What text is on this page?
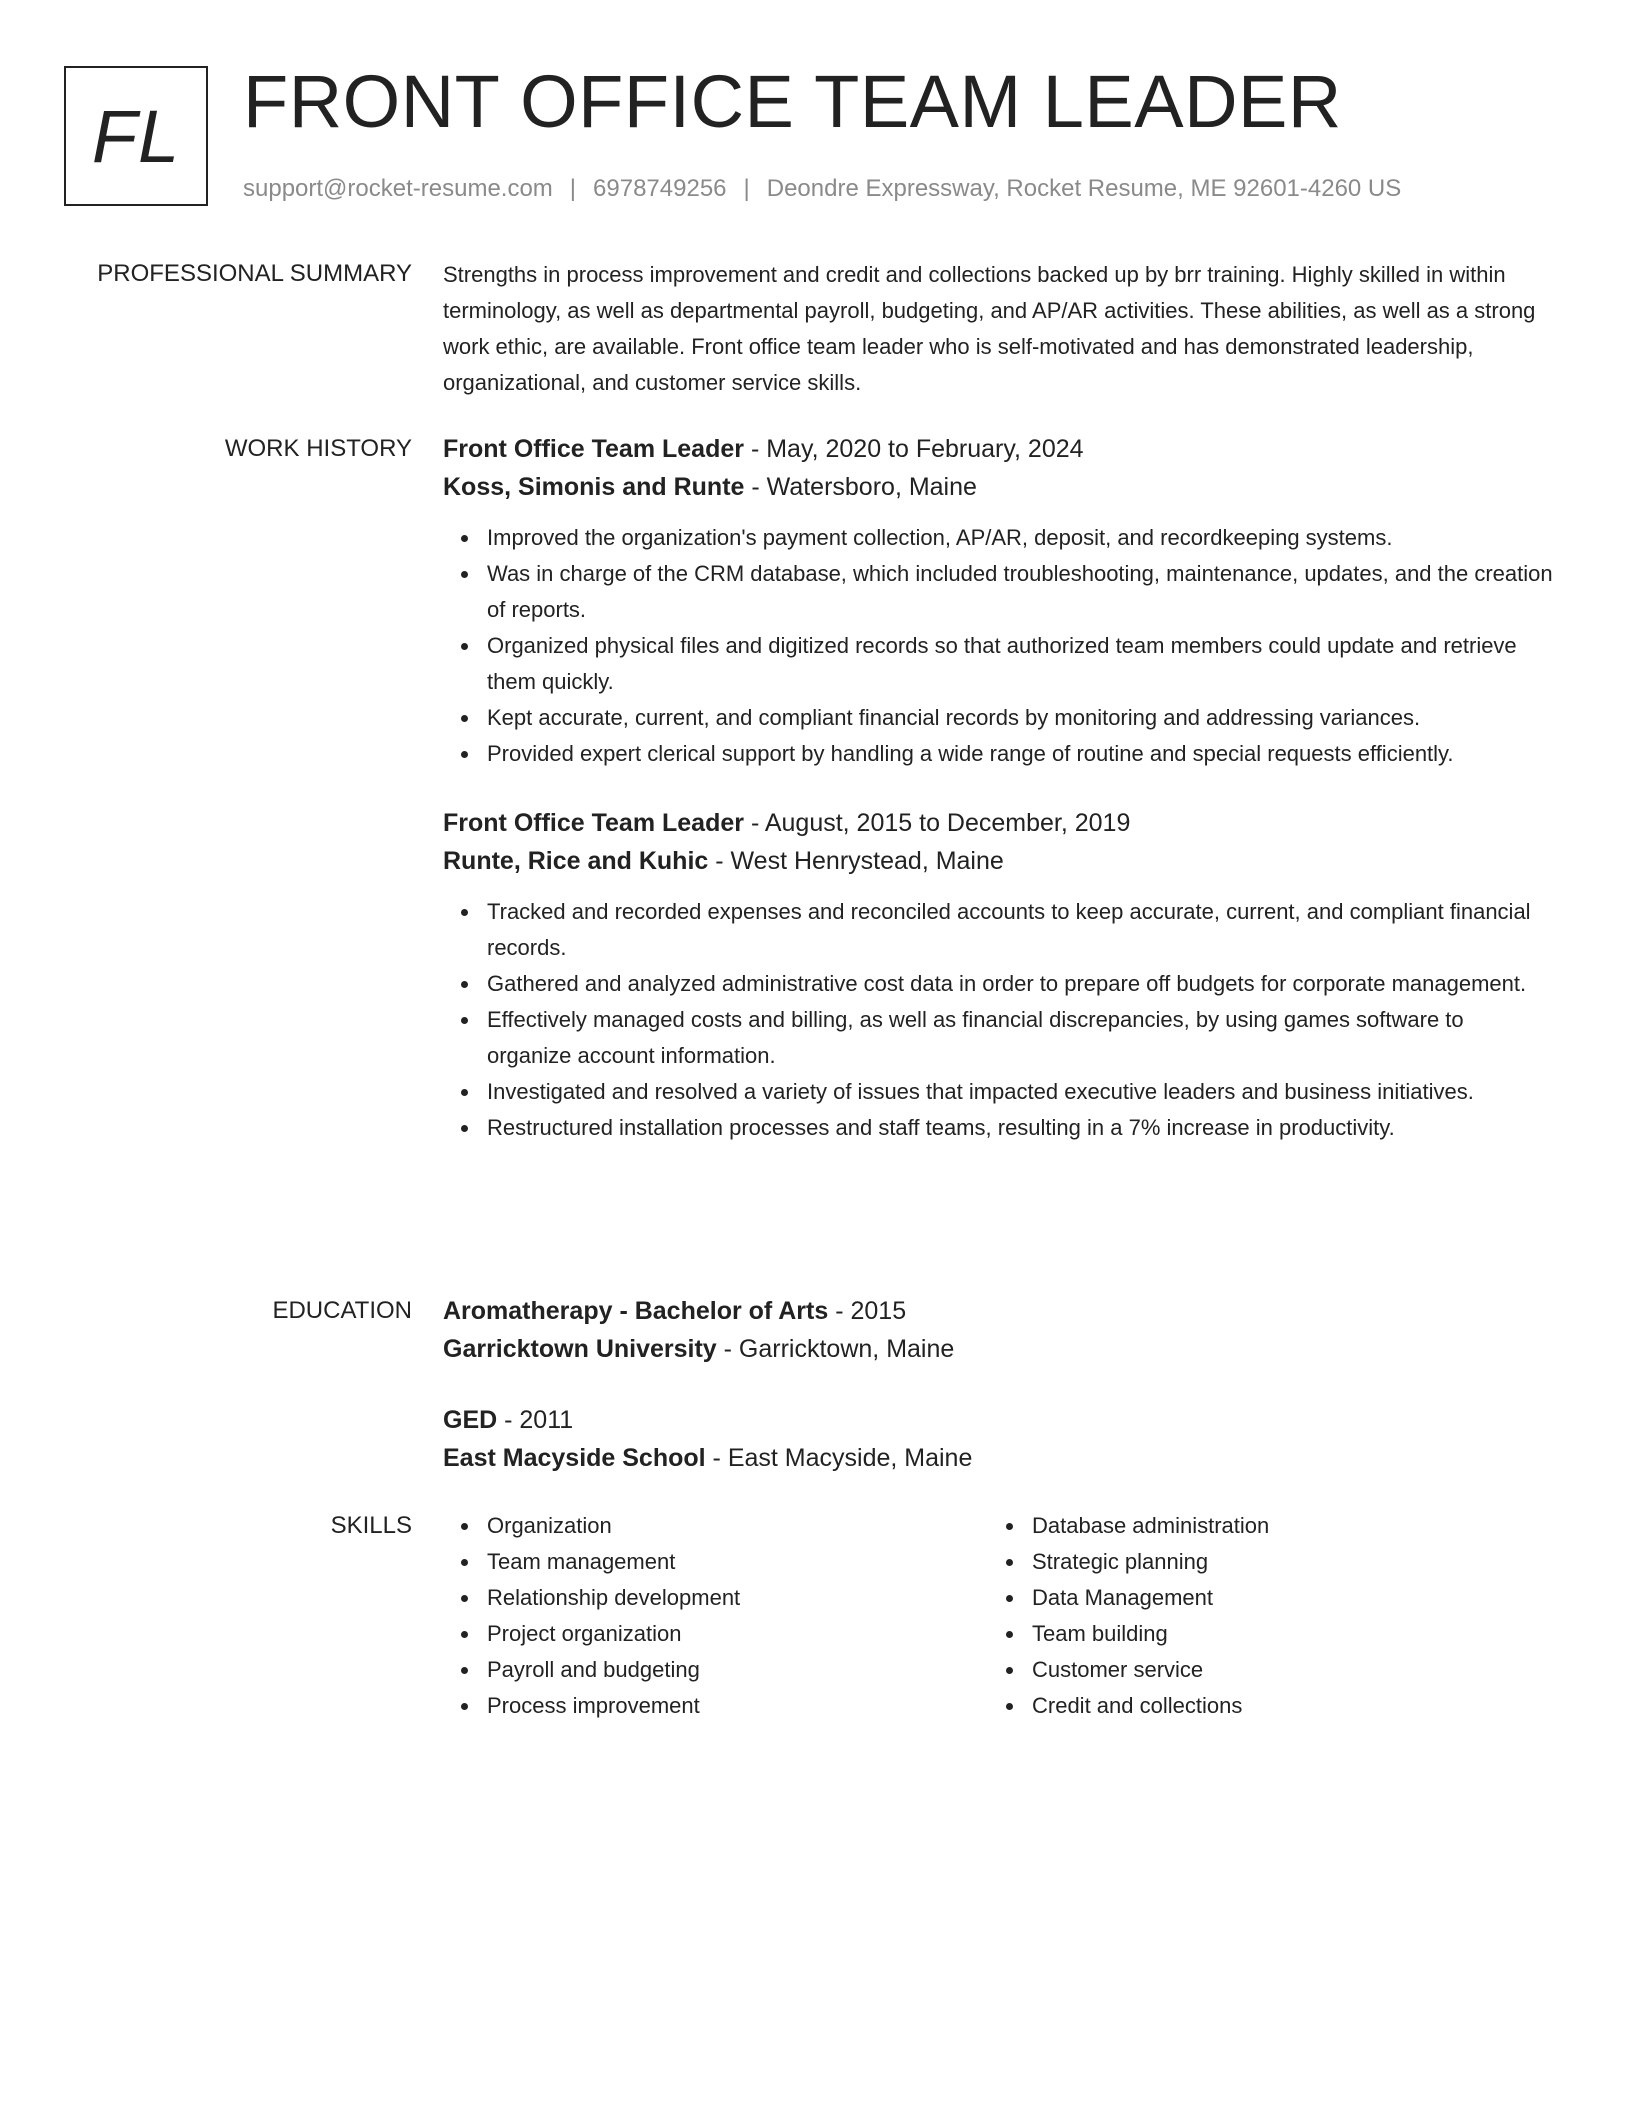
FL FRONT OFFICE TEAM LEADER
support@rocket-resume.com | 6978749256 | Deondre Expressway, Rocket Resume, ME 92601-4260 US
PROFESSIONAL SUMMARY Strengths in process improvement and credit and collections backed up by brr training. Highly skilled in within terminology, as well as departmental payroll, budgeting, and AP/AR activities. These abilities, as well as a strong work ethic, are available. Front office team leader who is self-motivated and has demonstrated leadership, organizational, and customer service skills.

WORK HISTORY Front Office Team Leader - May, 2020 to February, 2024

Koss, Simonis and Runte - Watersboro, Maine

Improved the organization's payment collection, AP/AR, deposit, and recordkeeping systems.
Was in charge of the CRM database, which included troubleshooting, maintenance, updates, and the creation of reports.
Organized physical files and digitized records so that authorized team members could update and retrieve them quickly.
Kept accurate, current, and compliant financial records by monitoring and addressing variances.
Provided expert clerical support by handling a wide range of routine and special requests efficiently.

Front Office Team Leader - August, 2015 to December, 2019

Runte, Rice and Kuhic - West Henrystead, Maine

Tracked and recorded expenses and reconciled accounts to keep accurate, current, and compliant financial records.
Gathered and analyzed administrative cost data in order to prepare off budgets for corporate management.
Effectively managed costs and billing, as well as financial discrepancies, by using games software to organize account information.
Investigated and resolved a variety of issues that impacted executive leaders and business initiatives.
Restructured installation processes and staff teams, resulting in a 7% increase in productivity.
EDUCATION Aromatherapy - Bachelor of Arts - 2015

Garricktown University - Garricktown, Maine

GED - 2011

East Macyside School - East Macyside, Maine

SKILLS	Organization
Team management
Relationship development
Project organization
Payroll and budgeting
Process improvement
Database administration
Strategic planning
Data Management
Team building
Customer service
Credit and collections
